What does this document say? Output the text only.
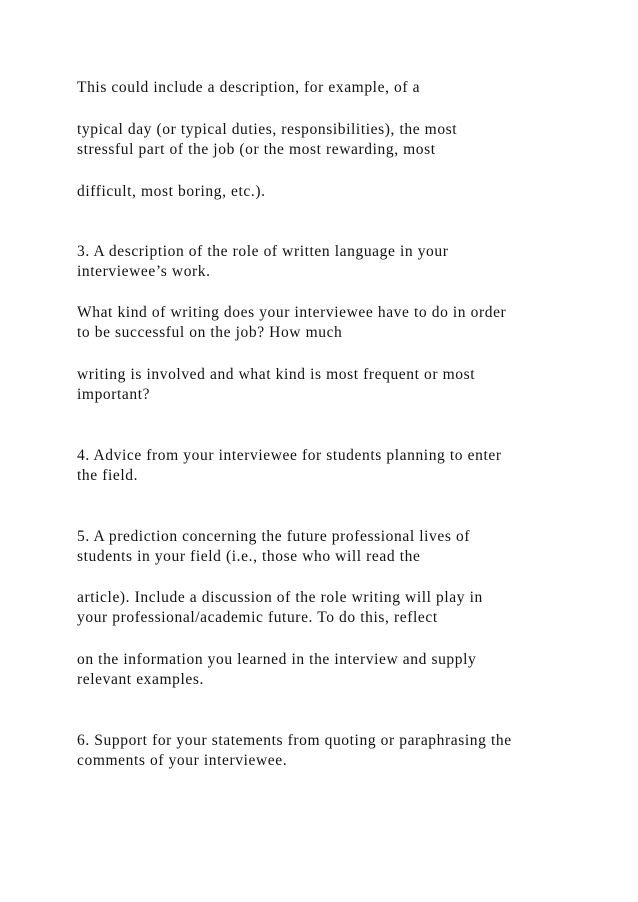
This could include a description, for example, of a

typical day (or typical duties, responsibilities), the most

stressful part of the job (or the most rewarding, most

difficult, most boring, etc.).

3. A description of the role of written language in your

interviewee’s work.

What kind of writing does your interviewee have to do in order

to be successful on the job? How much

writing is involved and what kind is most frequent or most

important?

4. Advice from your interviewee for students planning to enter

the field.

5. A prediction concerning the future professional lives of

students in your field (i.e., those who will read the

article). Include a discussion of the role writing will play in

your professional/academic future. To do this, reflect

on the information you learned in the interview and supply

relevant examples.

6. Support for your statements from quoting or paraphrasing the

comments of your interviewee.
